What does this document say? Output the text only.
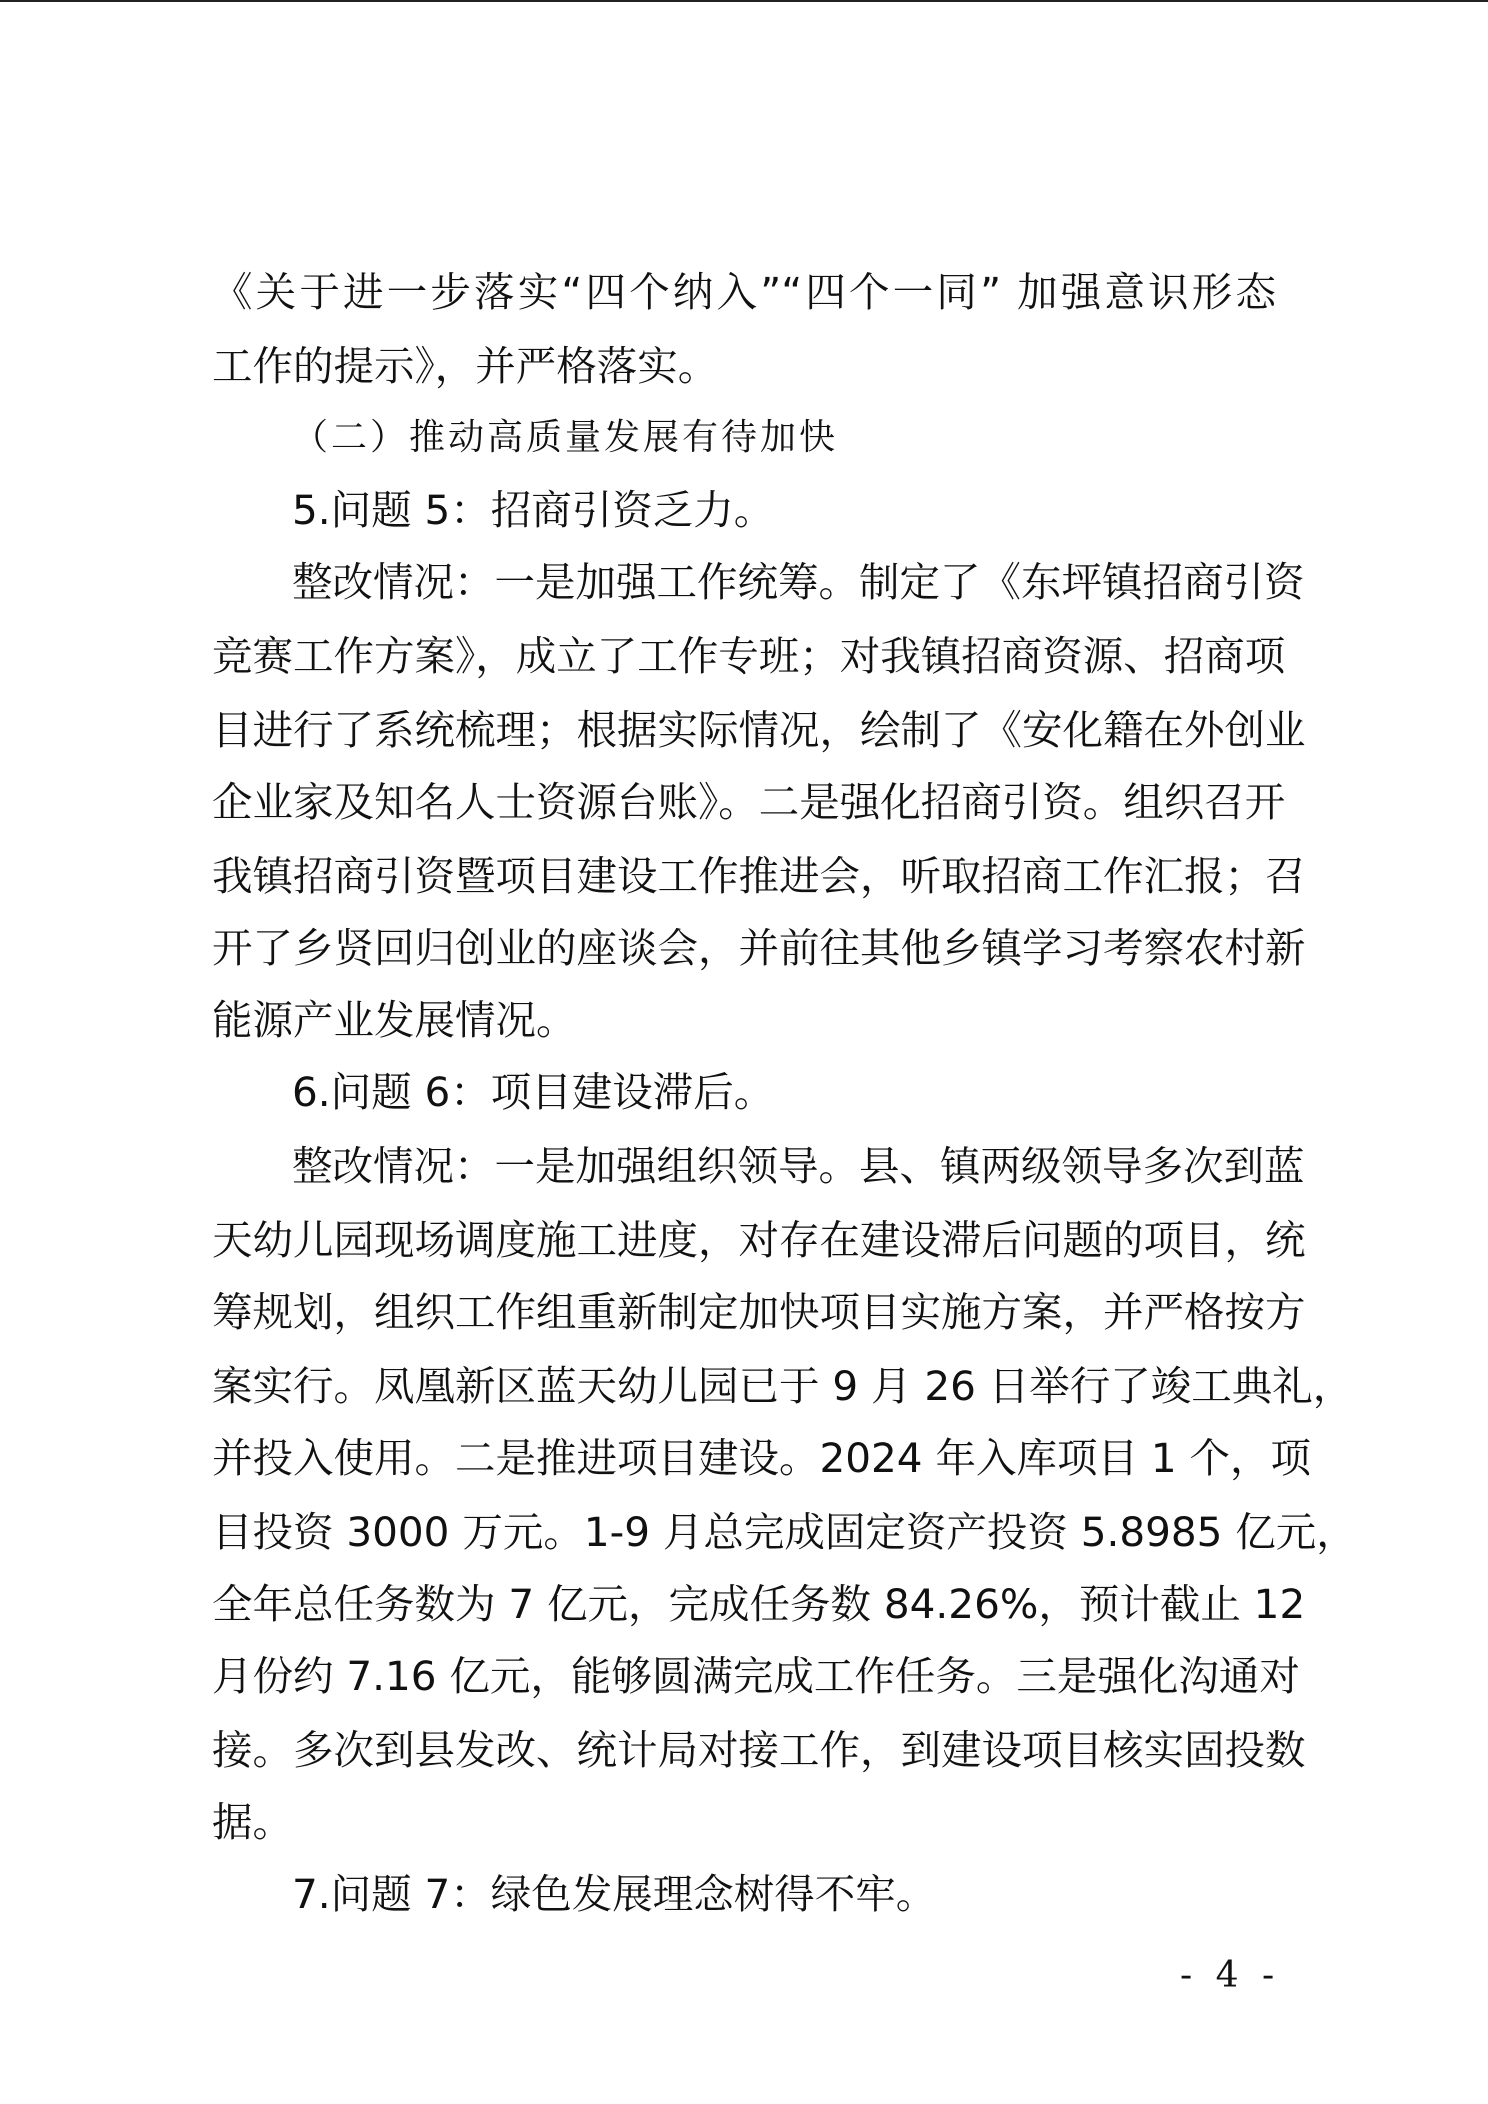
《关于进一步落实“四个纳入”“四个一同” 加强意识形态
工作的提示》，并严格落实。
（二）推动高质量发展有待加快
5.问题 5：招商引资乏力。
整改情况：一是加强工作统筹。制定了《东坪镇招商引资
竞赛工作方案》，成立了工作专班；对我镇招商资源、招商项
目进行了系统梳理；根据实际情况，绘制了《安化籍在外创业
企业家及知名人士资源台账》。二是强化招商引资。组织召开
我镇招商引资暨项目建设工作推进会，听取招商工作汇报；召
开了乡贤回归创业的座谈会，并前往其他乡镇学习考察农村新
能源产业发展情况。
6.问题 6：项目建设滞后。
整改情况：一是加强组织领导。县、镇两级领导多次到蓝
天幼儿园现场调度施工进度，对存在建设滞后问题的项目，统
筹规划，组织工作组重新制定加快项目实施方案，并严格按方
案实行。凤凰新区蓝天幼儿园已于 9 月 26 日举行了竣工典礼，
并投入使用。二是推进项目建设。2024 年入库项目 1 个，项
目投资 3000 万元。1-9 月总完成固定资产投资 5.8985 亿元，
全年总任务数为 7 亿元，完成任务数 84.26%，预计截止 12
月份约 7.16 亿元，能够圆满完成工作任务。三是强化沟通对
接。多次到县发改、统计局对接工作，到建设项目核实固投数
据。
7.问题 7：绿色发展理念树得不牢。
- 4 -
